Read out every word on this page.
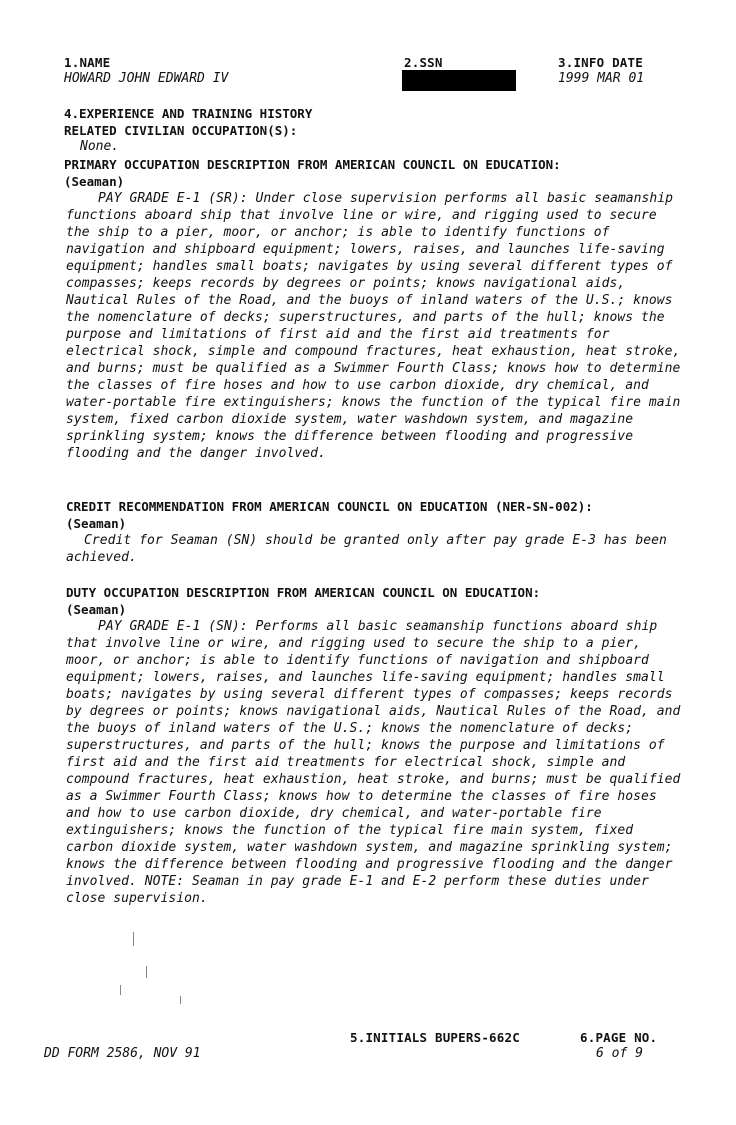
1.NAME
HOWARD JOHN EDWARD IV
2.SSN	3.INFO DATE
1999 MAR 01
4.EXPERIENCE AND TRAINING HISTORY
RELATED CIVILIAN OCCUPATION(S):
None.
PRIMARY OCCUPATION DESCRIPTION FROM AMERICAN COUNCIL ON EDUCATION:
(Seaman)
PAY GRADE E-1 (SR): Under close supervision performs all basic seamanship functions aboard ship that involve line or wire, and rigging used to secure the ship to a pier, moor, or anchor; is able to identify functions of navigation and shipboard equipment; lowers, raises, and launches life-saving equipment; handles small boats; navigates by using several different types of compasses; keeps records by degrees or points; knows navigational aids, Nautical Rules of the Road, and the buoys of inland waters of the U.S.; knows the nomenclature of decks; superstructures, and parts of the hull; knows the purpose and limitations of first aid and the first aid treatments for electrical shock, simple and compound fractures, heat exhaustion, heat stroke, and burns; must be qualified as a Swimmer Fourth Class; knows how to determine the classes of fire hoses and how to use carbon dioxide, dry chemical, and water-portable fire extinguishers; knows the function of the typical fire main system, fixed carbon dioxide system, water washdown system, and magazine sprinkling system; knows the difference between flooding and progressive flooding and the danger involved.
CREDIT RECOMMENDATION FROM AMERICAN COUNCIL ON EDUCATION (NER-SN-002):
(Seaman)
Credit for Seaman (SN) should be granted only after pay grade E-3 has been achieved.
DUTY OCCUPATION DESCRIPTION FROM AMERICAN COUNCIL ON EDUCATION:
(Seaman)
PAY GRADE E-1 (SN): Performs all basic seamanship functions aboard ship that involve line or wire, and rigging used to secure the ship to a pier, moor, or anchor; is able to identify functions of navigation and shipboard equipment; lowers, raises, and launches life-saving equipment; handles small boats; navigates by using several different types of compasses; keeps records by degrees or points; knows navigational aids, Nautical Rules of the Road, and the buoys of inland waters of the U.S.; knows the nomenclature of decks; superstructures, and parts of the hull; knows the purpose and limitations of first aid and the first aid treatments for electrical shock, simple and compound fractures, heat exhaustion, heat stroke, and burns; must be qualified as a Swimmer Fourth Class; knows how to determine the classes of fire hoses and how to use carbon dioxide, dry chemical, and water-portable fire extinguishers; knows the function of the typical fire main system, fixed carbon dioxide system, water washdown system, and magazine sprinkling system; knows the difference between flooding and progressive flooding and the danger involved. NOTE: Seaman in pay grade E-1 and E-2 perform these duties under close supervision.
5.INITIALS BUPERS-662C	6.PAGE NO.
DD FORM 2586, NOV 91	6 of 9
